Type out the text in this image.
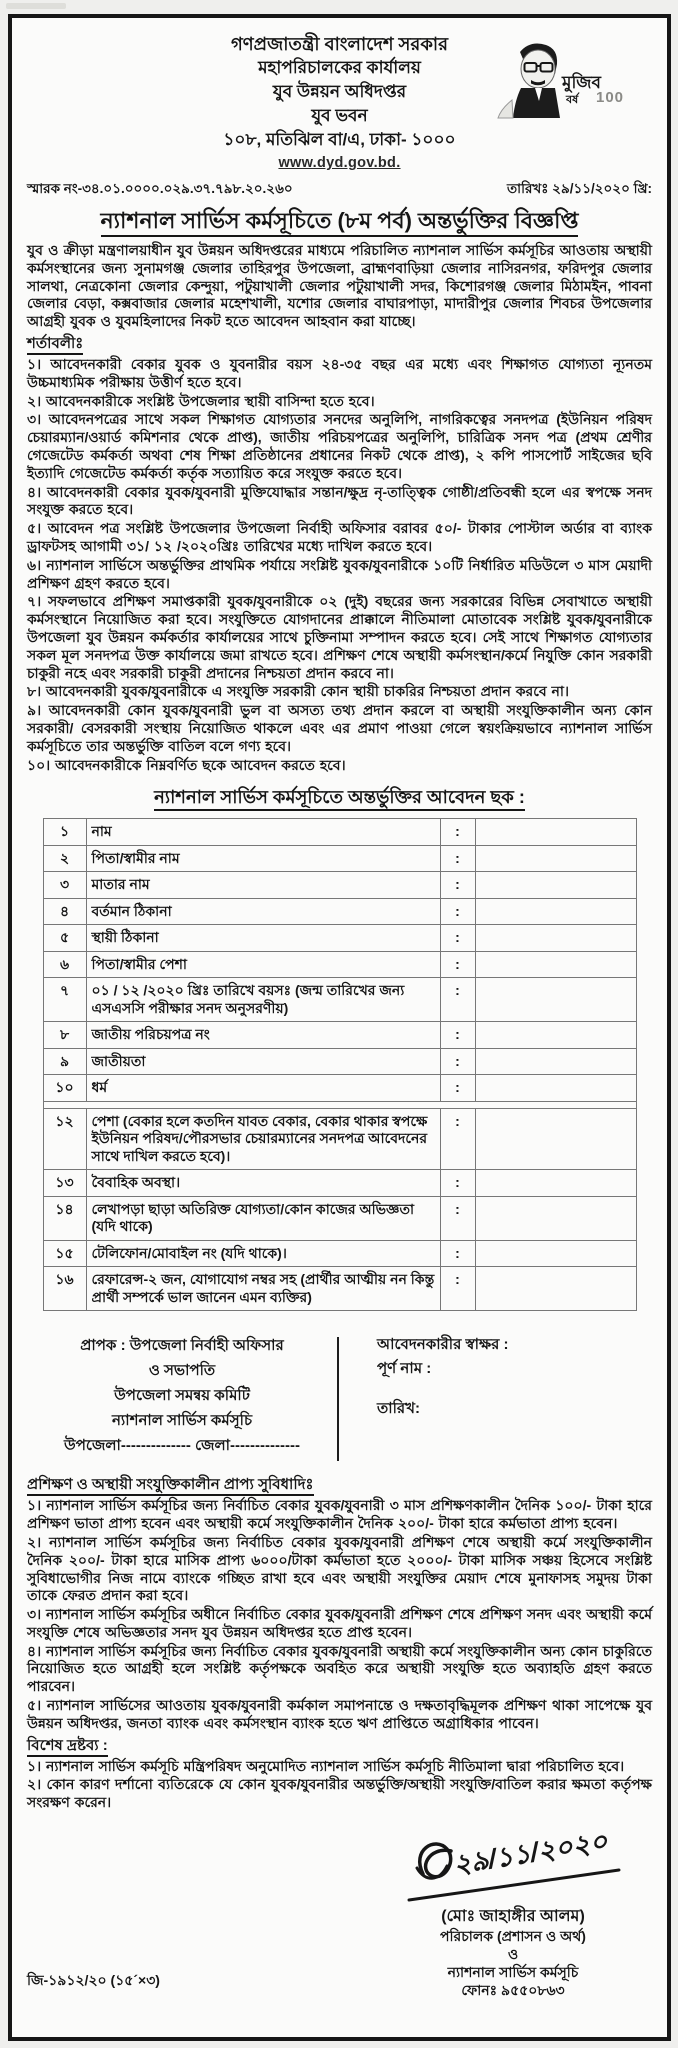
গণপ্রজাতন্ত্রী বাংলাদেশ সরকার
মহাপরিচালকের কার্যালয়
যুব উন্নয়ন অধিদপ্তর
যুব ভবন
১০৮, মতিঝিল বা/এ, ঢাকা- ১০০০
www.dyd.gov.bd.
মুজিব
বর্ষ 100
স্মারক নং-৩৪.০১.০০০০.০২৯.৩৭.৭৯৮.২০.২৬০	তারিখঃ ২৯/১১/২০২০ খ্রি:
ন্যাশনাল সার্ভিস কর্মসূচিতে (৮ম পর্ব) অন্তর্ভুক্তির বিজ্ঞপ্তি

যুব ও ক্রীড়া মন্ত্রণালয়াধীন যুব উন্নয়ন অধিদপ্তরের মাধ্যমে পরিচালিত ন্যাশনাল সার্ভিস কর্মসূচির আওতায় অস্থায়ী কর্মসংস্থানের জন্য সুনামগঞ্জ জেলার তাহিরপুর উপজেলা, ব্রাহ্মণবাড়িয়া জেলার নাসিরনগর, ফরিদপুর জেলার সালথা, নেত্রকোনা জেলার কেন্দুয়া, পটুয়াখালী জেলার পটুয়াখালী সদর, কিশোরগঞ্জ জেলার মিঠামইন, পাবনা জেলার বেড়া, কক্সবাজার জেলার মহেশখালী, যশোর জেলার বাঘারপাড়া, মাদারীপুর জেলার শিবচর উপজেলার আগ্রহী যুবক ও যুবমহিলাদের নিকট হতে আবেদন আহবান করা যাচ্ছে।

শর্তাবলীঃ

১। আবেদনকারী বেকার যুবক ও যুবনারীর বয়স ২৪-৩৫ বছর এর মধ্যে এবং শিক্ষাগত যোগ্যতা ন্যূনতম উচ্চমাধ্যমিক পরীক্ষায় উত্তীর্ণ হতে হবে।

২। আবেদনকারীকে সংশ্লিষ্ট উপজেলার স্থায়ী বাসিন্দা হতে হবে।

৩। আবেদনপত্রের সাথে সকল শিক্ষাগত যোগ্যতার সনদের অনুলিপি, নাগরিকত্বের সনদপত্র (ইউনিয়ন পরিষদ চেয়ারম্যান/ওয়ার্ড কমিশনার থেকে প্রাপ্ত), জাতীয় পরিচয়পত্রের অনুলিপি, চারিত্রিক সনদ পত্র (প্রথম শ্রেণীর গেজেটেড কর্মকর্তা অথবা শেষ শিক্ষা প্রতিষ্ঠানের প্রধানের নিকট থেকে প্রাপ্ত), ২ কপি পাসপোর্ট সাইজের ছবি ইত্যাদি গেজেটেড কর্মকর্তা কর্তৃক সত্যায়িত করে সংযুক্ত করতে হবে।

৪। আবেদনকারী বেকার যুবক/যুবনারী মুক্তিযোদ্ধার সন্তান/ক্ষুদ্র নৃ-তাত্ত্বিক গোষ্ঠী/প্রতিবন্ধী হলে এর স্বপক্ষে সনদ সংযুক্ত করতে হবে।

৫। আবেদন পত্র সংশ্লিষ্ট উপজেলার উপজেলা নির্বাহী অফিসার বরাবর ৫০/- টাকার পোস্টাল অর্ডার বা ব্যাংক ড্রাফটসহ আগামী ৩১/ ১২ /২০২০খ্রিঃ তারিখের মধ্যে দাখিল করতে হবে।

৬। ন্যাশনাল সার্ভিসে অন্তর্ভুক্তির প্রাথমিক পর্যায়ে সংশ্লিষ্ট যুবক/যুবনারীকে ১০টি নির্ধারিত মডিউলে ৩ মাস মেয়াদী প্রশিক্ষণ গ্রহণ করতে হবে।

৭। সফলভাবে প্রশিক্ষণ সমাপ্তকারী যুবক/যুবনারীকে ০২ (দুই) বছরের জন্য সরকারের বিভিন্ন সেবাখাতে অস্থায়ী কর্মসংস্থানে নিয়োজিত করা হবে। সংযুক্তিতে যোগদানের প্রাক্কালে নীতিমালা মোতাবেক সংশ্লিষ্ট যুবক/যুবনারীকে উপজেলা যুব উন্নয়ন কর্মকর্তার কার্যালয়ের সাথে চুক্তিনামা সম্পাদন করতে হবে। সেই সাথে শিক্ষাগত যোগ্যতার সকল মূল সনদপত্র উক্ত কার্যালয়ে জমা রাখতে হবে। প্রশিক্ষণ শেষে অস্থায়ী কর্মসংস্থান/কর্মে নিযুক্তি কোন সরকারী চাকুরী নহে এবং সরকারী চাকুরী প্রদানের নিশ্চয়তা প্রদান করবে না।

৮। আবেদনকারী যুবক/যুবনারীকে এ সংযুক্তি সরকারী কোন স্থায়ী চাকরির নিশ্চয়তা প্রদান করবে না।

৯। আবেদনকারী কোন যুবক/যুবনারী ভুল বা অসত্য তথ্য প্রদান করলে বা অস্থায়ী সংযুক্তিকালীন অন্য কোন সরকারী/ বেসরকারী সংস্থায় নিয়োজিত থাকলে এবং এর প্রমাণ পাওয়া গেলে স্বয়ংক্রিয়ভাবে ন্যাশনাল সার্ভিস কর্মসূচিতে তার অন্তর্ভুক্তি বাতিল বলে গণ্য হবে।

১০। আবেদনকারীকে নিম্নবর্ণিত ছকে আবেদন করতে হবে।

ন্যাশনাল সার্ভিস কর্মসূচিতে অন্তর্ভুক্তির আবেদন ছক :
১	নাম	:	
২	পিতা/স্বামীর নাম	:	
৩	মাতার নাম	:	
৪	বর্তমান ঠিকানা	:	
৫	স্থায়ী ঠিকানা	:	
৬	পিতা/স্বামীর পেশা	:	
৭	০১ / ১২ /২০২০ খ্রিঃ তারিখে বয়সঃ (জন্ম তারিখের জন্য এসএসসি পরীক্ষার সনদ অনুসরণীয়)	:	
৮	জাতীয় পরিচয়পত্র নং	:	
৯	জাতীয়তা	:	
১০	ধর্ম	:	

১২	পেশা (বেকার হলে কতদিন যাবত বেকার, বেকার থাকার স্বপক্ষে ইউনিয়ন পরিষদ/পৌরসভার চেয়ারম্যানের সনদপত্র আবেদনের সাথে দাখিল করতে হবে)।	:	
১৩	বৈবাহিক অবস্থা।	:	
১৪	লেখাপড়া ছাড়া অতিরিক্ত যোগ্যতা/কোন কাজের অভিজ্ঞতা (যদি থাকে)	:	
১৫	টেলিফোন/মোবাইল নং (যদি থাকে)।	:	
১৬	রেফারেন্স-২ জন, যোগাযোগ নম্বর সহ (প্রার্থীর আত্মীয় নন কিন্তু প্রার্থী সম্পর্কে ভাল জানেন এমন ব্যক্তির)	:	
প্রাপক : উপজেলা নির্বাহী অফিসার
ও সভাপতি
উপজেলা সমন্বয় কমিটি
ন্যাশনাল সার্ভিস কর্মসূচি
উপজেলা-------------- জেলা--------------
আবেদনকারীর স্বাক্ষর :
পূর্ণ নাম :
তারিখ:
প্রশিক্ষণ ও অস্থায়ী সংযুক্তিকালীন প্রাপ্য সুবিধাদিঃ

১। ন্যাশনাল সার্ভিস কর্মসূচির জন্য নির্বাচিত বেকার যুবক/যুবনারী ৩ মাস প্রশিক্ষণকালীন দৈনিক ১০০/- টাকা হারে প্রশিক্ষণ ভাতা প্রাপ্য হবেন এবং অস্থায়ী কর্মে সংযুক্তিকালীন দৈনিক ২০০/- টাকা হারে কর্মভাতা প্রাপ্য হবেন।

২। ন্যাশনাল সার্ভিস কর্মসূচির জন্য নির্বাচিত বেকার যুবক/যুবনারী প্রশিক্ষণ শেষে অস্থায়ী কর্মে সংযুক্তিকালীন দৈনিক ২০০/- টাকা হারে মাসিক প্রাপ্য ৬০০০/টাকা কর্মভাতা হতে ২০০০/- টাকা মাসিক সঞ্চয় হিসেবে সংশ্লিষ্ট সুবিধাভোগীর নিজ নামে ব্যাংকে গচ্ছিত রাখা হবে এবং অস্থায়ী সংযুক্তির মেয়াদ শেষে মুনাফাসহ সমুদয় টাকা তাকে ফেরত প্রদান করা হবে।

৩। ন্যাশনাল সার্ভিস কর্মসূচির অধীনে নির্বাচিত বেকার যুবক/যুবনারী প্রশিক্ষণ শেষে প্রশিক্ষণ সনদ এবং অস্থায়ী কর্মে সংযুক্তি শেষে অভিজ্ঞতার সনদ যুব উন্নয়ন অধিদপ্তর হতে প্রাপ্ত হবেন।

৪। ন্যাশনাল সার্ভিস কর্মসূচির জন্য নির্বাচিত বেকার যুবক/যুবনারী অস্থায়ী কর্মে সংযুক্তিকালীন অন্য কোন চাকুরিতে নিয়োজিত হতে আগ্রহী হলে সংশ্লিষ্ট কর্তৃপক্ষকে অবহিত করে অস্থায়ী সংযুক্তি হতে অব্যাহতি গ্রহণ করতে পারবেন।

৫। ন্যাশনাল সার্ভিসের আওতায় যুবক/যুবনারী কর্মকাল সমাপনান্তে ও দক্ষতাবৃদ্ধিমূলক প্রশিক্ষণ থাকা সাপেক্ষে যুব উন্নয়ন অধিদপ্তর, জনতা ব্যাংক এবং কর্মসংস্থান ব্যাংক হতে ঋণ প্রাপ্তিতে অগ্রাধিকার পাবেন।

বিশেষ দ্রষ্টব্য :

১। ন্যাশনাল সার্ভিস কর্মসূচি মন্ত্রিপরিষদ অনুমোদিত ন্যাশনাল সার্ভিস কর্মসূচি নীতিমালা দ্বারা পরিচালিত হবে।

২। কোন কারণ দর্শানো ব্যতিরেকে যে কোন যুবক/যুবনারীর অন্তর্ভুক্তি/অস্থায়ী সংযুক্তি/বাতিল করার ক্ষমতা কর্তৃপক্ষ সংরক্ষণ করেন।

জি-১৯১২/২০ (১৫´×৩)
২৯/১১/২০২০
(মোঃ জাহাঙ্গীর আলম)
পরিচালক (প্রশাসন ও অর্থ)
ও
ন্যাশনাল সার্ভিস কর্মসূচি
ফোনঃ ৯৫৫০৮৬৩
